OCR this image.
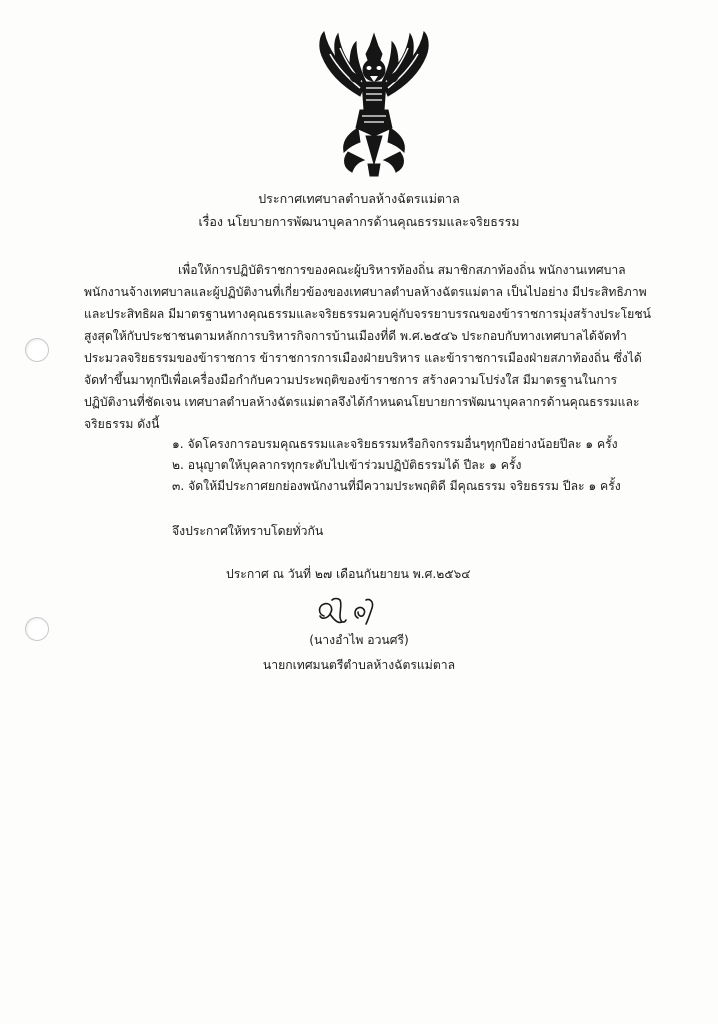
ประกาศเทศบาลตำบลห้างฉัตรแม่ตาล
เรื่อง นโยบายการพัฒนาบุคลากรด้านคุณธรรมและจริยธรรม
เพื่อให้การปฏิบัติราชการของคณะผู้บริหารท้องถิ่น สมาชิกสภาท้องถิ่น พนักงานเทศบาล
พนักงานจ้างเทศบาลและผู้ปฏิบัติงานที่เกี่ยวข้องของเทศบาลตำบลห้างฉัตรแม่ตาล เป็นไปอย่าง มีประสิทธิภาพ
และประสิทธิผล มีมาตรฐานทางคุณธรรมและจริยธรรมควบคู่กับจรรยาบรรณของข้าราชการมุ่งสร้างประโยชน์
สูงสุดให้กับประชาชนตามหลักการบริหารกิจการบ้านเมืองที่ดี พ.ศ.๒๕๔๖ ประกอบกับทางเทศบาลได้จัดทำ
ประมวลจริยธรรมของข้าราชการ ข้าราชการการเมืองฝ่ายบริหาร และข้าราชการเมืองฝ่ายสภาท้องถิ่น ซึ่งได้
จัดทำขึ้นมาทุกปีเพื่อเครื่องมือกำกับความประพฤติของข้าราชการ สร้างความโปร่งใส มีมาตรฐานในการ
ปฏิบัติงานที่ชัดเจน เทศบาลตำบลห้างฉัตรแม่ตาลจึงได้กำหนดนโยบายการพัฒนาบุคลากรด้านคุณธรรมและ
จริยธรรม ดังนี้
๑. จัดโครงการอบรมคุณธรรมและจริยธรรมหรือกิจกรรมอื่นๆทุกปีอย่างน้อยปีละ ๑ ครั้ง
๒. อนุญาตให้บุคลากรทุกระดับไปเข้าร่วมปฏิบัติธรรมได้ ปีละ ๑ ครั้ง
๓. จัดให้มีประกาศยกย่องพนักงานที่มีความประพฤติดี มีคุณธรรม จริยธรรม ปีละ ๑ ครั้ง
จึงประกาศให้ทราบโดยทั่วกัน
ประกาศ ณ วันที่ ๒๗ เดือนกันยายน พ.ศ.๒๕๖๔
(นางอำไพ อวนศรี)
นายกเทศมนตรีตำบลห้างฉัตรแม่ตาล
